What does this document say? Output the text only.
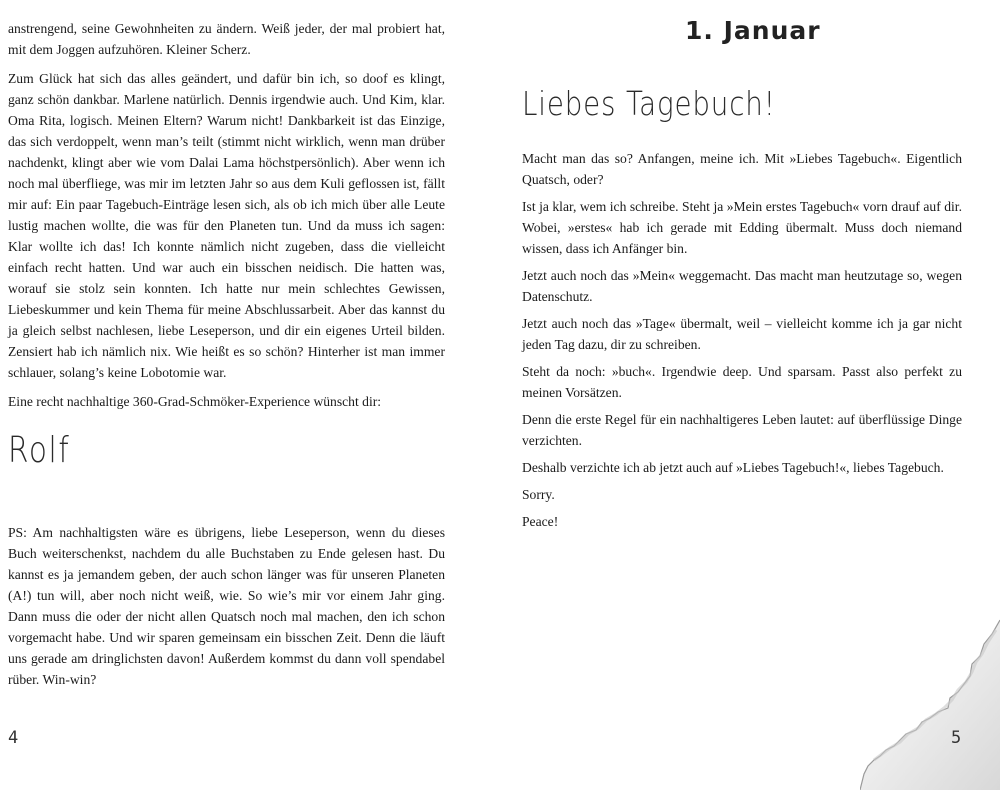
anstrengend, seine Gewohnheiten zu ändern. Weiß jeder, der mal probiert hat, mit dem Joggen aufzuhören. Kleiner Scherz.

Zum Glück hat sich das alles geändert, und dafür bin ich, so doof es klingt, ganz schön dankbar. Marlene natürlich. Dennis irgendwie auch. Und Kim, klar. Oma Rita, logisch. Meinen Eltern? Warum nicht! Dankbarkeit ist das Einzige, das sich verdoppelt, wenn man’s teilt (stimmt nicht wirklich, wenn man drüber nachdenkt, klingt aber wie vom Dalai Lama höchstpersönlich). Aber wenn ich noch mal überfliege, was mir im letzten Jahr so aus dem Kuli geflossen ist, fällt mir auf: Ein paar Tagebuch-Einträge lesen sich, als ob ich mich über alle Leute lustig machen wollte, die was für den Planeten tun. Und da muss ich sagen: Klar wollte ich das! Ich konnte nämlich nicht zugeben, dass die vielleicht einfach recht hatten. Und war auch ein bisschen neidisch. Die hatten was, worauf sie stolz sein konnten. Ich hatte nur mein schlechtes Gewissen, Liebeskummer und kein Thema für meine Abschlussarbeit. Aber das kannst du ja gleich selbst nachlesen, liebe Leseperson, und dir ein eigenes Urteil bilden. Zensiert hab ich nämlich nix. Wie heißt es so schön? Hinterher ist man immer schlauer, solang’s keine Lobotomie war.

Eine recht nachhaltige 360-Grad-Schmöker-Experience wünscht dir:

Rolf

PS: Am nachhaltigsten wäre es übrigens, liebe Leseperson, wenn du dieses Buch weiterschenkst, nachdem du alle Buchstaben zu Ende gelesen hast. Du kannst es ja jemandem geben, der auch schon länger was für unseren Planeten (A!) tun will, aber noch nicht weiß, wie. So wie’s mir vor einem Jahr ging. Dann muss die oder der nicht allen Quatsch noch mal machen, den ich schon vorgemacht habe. Und wir sparen gemeinsam ein bisschen Zeit. Denn die läuft uns gerade am dringlichsten davon! Außerdem kommst du dann voll spendabel rüber. Win-win?

4
1. Januar
Liebes Tagebuch!

Macht man das so? Anfangen, meine ich. Mit »Liebes Tagebuch«. Eigentlich Quatsch, oder?

Ist ja klar, wem ich schreibe. Steht ja »Mein erstes Tagebuch« vorn drauf auf dir. Wobei, »erstes« hab ich gerade mit Edding übermalt. Muss doch niemand wissen, dass ich Anfänger bin.

Jetzt auch noch das »Mein« weggemacht. Das macht man heutzutage so, wegen Datenschutz.

Jetzt auch noch das »Tage« übermalt, weil – vielleicht komme ich ja gar nicht jeden Tag dazu, dir zu schreiben.

Steht da noch: »buch«. Irgendwie deep. Und sparsam. Passt also perfekt zu meinen Vorsätzen.

Denn die erste Regel für ein nachhaltigeres Leben lautet: auf überflüssige Dinge verzichten.

Deshalb verzichte ich ab jetzt auch auf »Liebes Tagebuch!«, liebes Tagebuch.

Sorry.

Peace!

5
